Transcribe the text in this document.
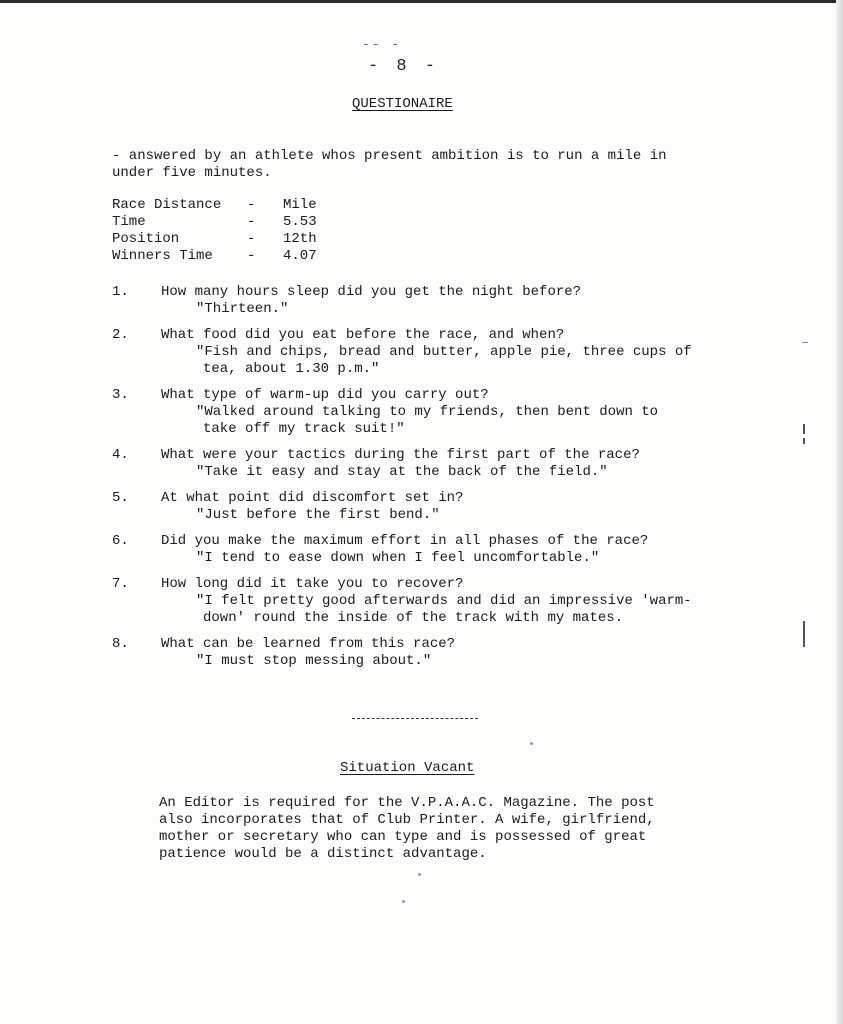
-- -
- 8 -
QUESTIONAIRE

- answered by an athlete whos present ambition is to run a mile in under five minutes.

Race Distance	-	Mile
Time	-	5.53
Position	-	12th
Winners Time	-	4.07
1. How many hours sleep did you get the night before?

"Thirteen."

2. What food did you eat before the race, and when?

"Fish and chips, bread and butter, apple pie, three cups of tea, about 1.30 p.m."

3. What type of warm-up did you carry out?

"Walked around talking to my friends, then bent down to take off my track suit!"

4. What were your tactics during the first part of the race?

"Take it easy and stay at the back of the field."

5. At what point did discomfort set in?

"Just before the first bend."

6. Did you make the maximum effort in all phases of the race?

"I tend to ease down when I feel uncomfortable."

7. How long did it take you to recover?

"I felt pretty good afterwards and did an impressive 'warm-down' round the inside of the track with my mates.

8. What can be learned from this race?

"I must stop messing about."

Situation Vacant

An Editor is required for the V.P.A.A.C. Magazine. The post also incorporates that of Club Printer. A wife, girlfriend, mother or secretary who can type and is possessed of great patience would be a distinct advantage.
